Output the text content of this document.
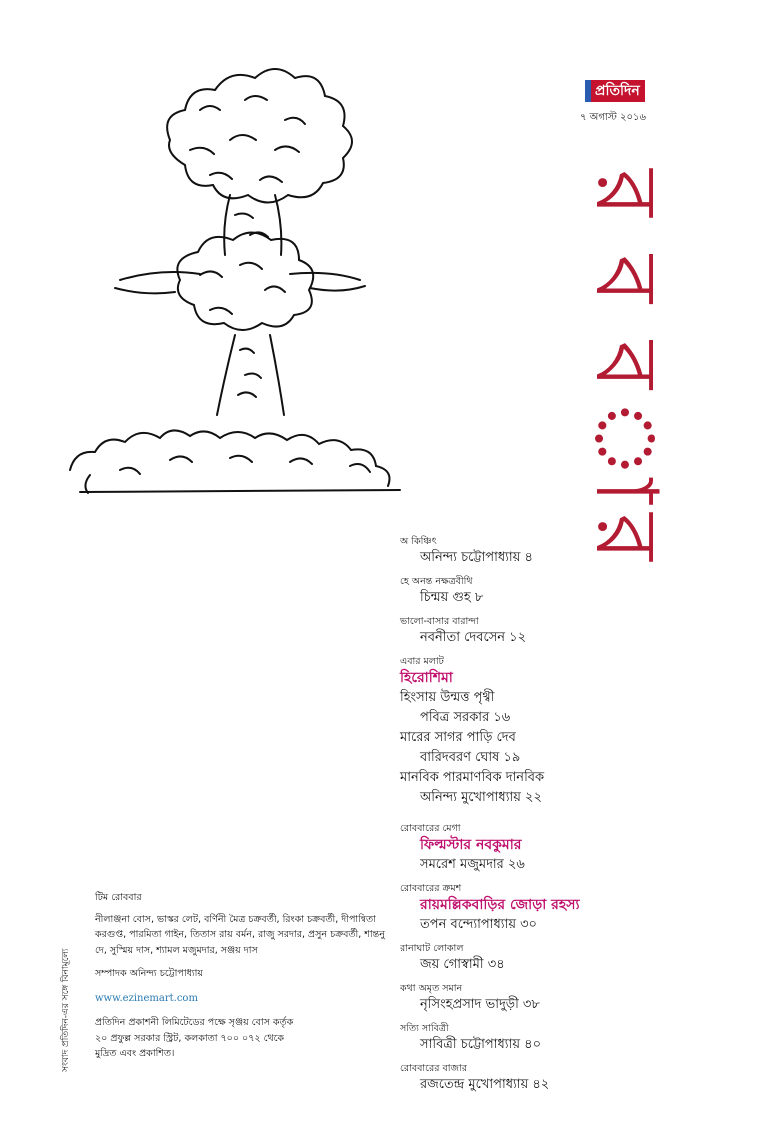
প্রতিদিন
৭ অগাস্ট ২০১৬
র
ব
ব
া
র
অ কিঞ্চিৎ
অনিন্দ্য চট্টোপাধ্যায় ৪
হে অনন্ত নক্ষত্রবীথি
চিন্ময় গুহ ৮
ভালো-বাসার বারান্দা
নবনীতা দেবসেন ১২
এবার মলাট
হিরোশিমা
হিংসায় উন্মত্ত পৃথ্বী
পবিত্র সরকার ১৬
মারের সাগর পাড়ি দেব
বারিদবরণ ঘোষ ১৯
মানবিক পারমাণবিক দানবিক
অনিন্দ্য মুখোপাধ্যায় ২২
রোববারের মেগা
ফিল্মস্টার নবকুমার
সমরেশ মজুমদার ২৬
রোববারের ক্রমশ
রায়মল্লিকবাড়ির জোড়া রহস্য
তপন বন্দ্যোপাধ্যায় ৩০
রানাঘাট লোকাল
জয় গোস্বামী ৩৪
কথা অমৃত সমান
নৃসিংহপ্রসাদ ভাদুড়ী ৩৮
সত্যি সাবিত্রী
সাবিত্রী চট্টোপাধ্যায় ৪০
রোববারের বাজার
রজতেন্দ্র মুখোপাধ্যায় ৪২
টিম রোববার
নীলাঞ্জনা বোস, ভাস্কর লেট, বর্ণিনী মৈত্র চক্রবর্তী, রিংকা চক্রবর্তী, দীপান্বিতা করগুপ্ত, পারমিতা গাইন, তিতাস রায় বর্মন, রাজু সরদার, প্রসুন চক্রবর্তী, শান্তনু দে, সুস্মিয় দাস, শ্যামল মজুমদার, সঞ্জয় দাস
সম্পাদক অনিন্দ্য চট্টোপাধ্যায়
www.ezinemart.com
প্রতিদিন প্রকাশনী লিমিটেডের পক্ষে সৃঞ্জয় বোস কর্তৃক
২০ প্রফুল্ল সরকার স্ট্রিট, কলকাতা ৭০০ ০৭২ থেকে
মুদ্রিত এবং প্রকাশিত।
সংবাদ প্রতিদিন-এর সঙ্গে বিনামূল্যে
